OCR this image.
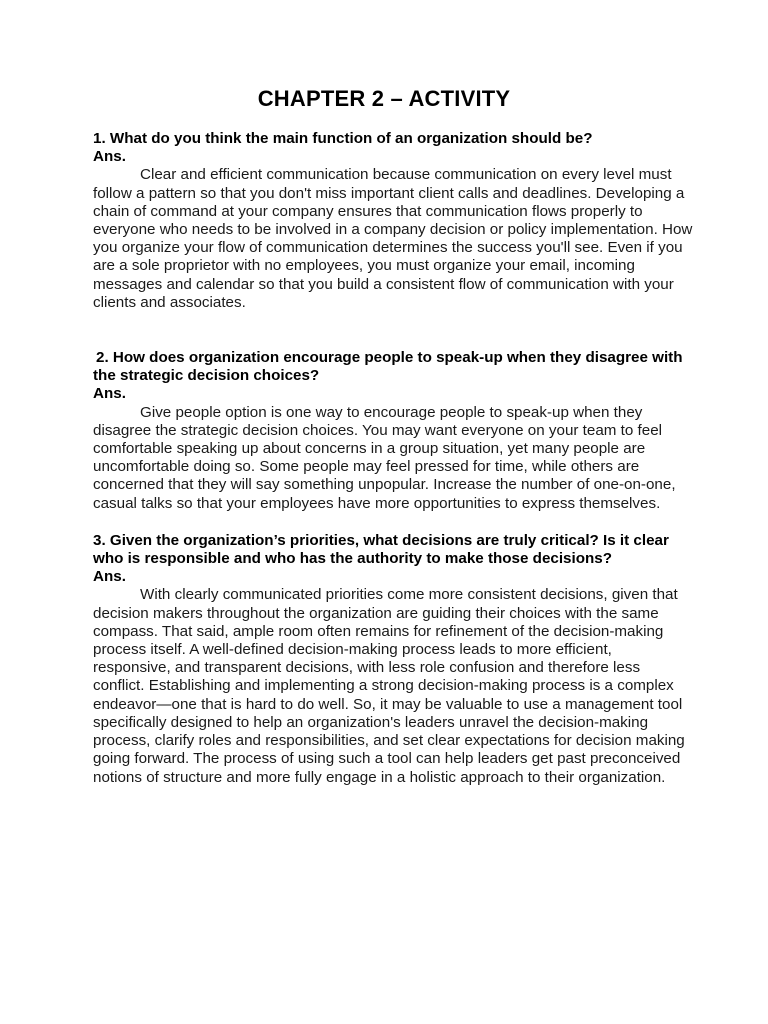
CHAPTER 2 – ACTIVITY

1. What do you think the main function of an organization should be?

Ans.

Clear and efficient communication because communication on every level must follow a pattern so that you don't miss important client calls and deadlines. Developing a chain of command at your company ensures that communication flows properly to everyone who needs to be involved in a company decision or policy implementation. How you organize your flow of communication determines the success you'll see. Even if you are a sole proprietor with no employees, you must organize your email, incoming messages and calendar so that you build a consistent flow of communication with your clients and associates.

2. How does organization encourage people to speak-up when they disagree with the strategic decision choices?

Ans.

Give people option is one way to encourage people to speak-up when they disagree the strategic decision choices. You may want everyone on your team to feel comfortable speaking up about concerns in a group situation, yet many people are uncomfortable doing so. Some people may feel pressed for time, while others are concerned that they will say something unpopular. Increase the number of one-on-one, casual talks so that your employees have more opportunities to express themselves.

3. Given the organization’s priorities, what decisions are truly critical? Is it clear who is responsible and who has the authority to make those decisions?

Ans.

With clearly communicated priorities come more consistent decisions, given that decision makers throughout the organization are guiding their choices with the same compass. That said, ample room often remains for refinement of the decision-making process itself. A well-defined decision-making process leads to more efficient, responsive, and transparent decisions, with less role confusion and therefore less conflict. Establishing and implementing a strong decision-making process is a complex endeavor—one that is hard to do well. So, it may be valuable to use a management tool specifically designed to help an organization's leaders unravel the decision-making process, clarify roles and responsibilities, and set clear expectations for decision making going forward. The process of using such a tool can help leaders get past preconceived notions of structure and more fully engage in a holistic approach to their organization.
